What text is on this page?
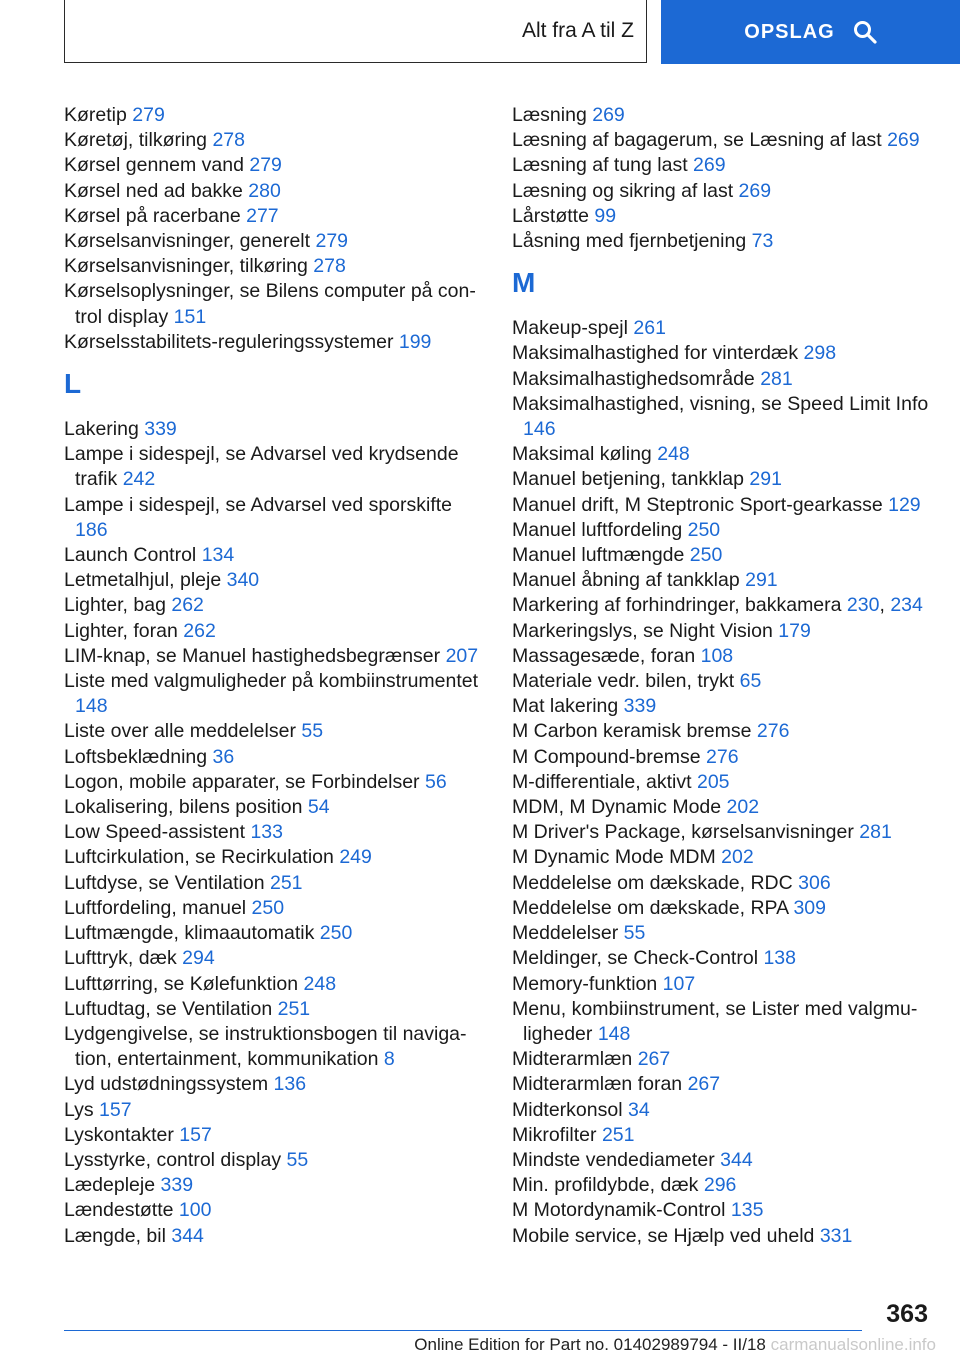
Alt fra A til Z	OPSLAG
Køretip 279
Køretøj, tilkøring 278
Kørsel gennem vand 279
Kørsel ned ad bakke 280
Kørsel på racerbane 277
Kørselsanvisninger, generelt 279
Kørselsanvisninger, tilkøring 278
Kørselsoplysninger, se Bilens computer på control display 151
Kørselsstabilitets-reguleringssystemer 199
L
Lakering 339
Lampe i sidespejl, se Advarsel ved krydsende trafik 242
Lampe i sidespejl, se Advarsel ved sporskifte 186
Launch Control 134
Letmetalhjul, pleje 340
Lighter, bag 262
Lighter, foran 262
LIM-knap, se Manuel hastighedsbegrænser 207
Liste med valgmuligheder på kombiinstrumentet 148
Liste over alle meddelelser 55
Loftsbeklædning 36
Logon, mobile apparater, se Forbindelser 56
Lokalisering, bilens position 54
Low Speed-assistent 133
Luftcirkulation, se Recirkulation 249
Luftdyse, se Ventilation 251
Luftfordeling, manuel 250
Luftmængde, klimaautomatik 250
Lufttryk, dæk 294
Lufttørring, se Kølefunktion 248
Luftudtag, se Ventilation 251
Lydgengivelse, se instruktionsbogen til navigation, entertainment, kommunikation 8
Lyd udstødningssystem 136
Lys 157
Lyskontakter 157
Lysstyrke, control display 55
Lædepleje 339
Lændestøtte 100
Længde, bil 344
Læsning 269
Læsning af bagagerum, se Læsning af last 269
Læsning af tung last 269
Læsning og sikring af last 269
Lårstøtte 99
Låsning med fjernbetjening 73
M
Makeup-spejl 261
Maksimalhastighed for vinterdæk 298
Maksimalhastighedsområde 281
Maksimalhastighed, visning, se Speed Limit Info 146
Maksimal køling 248
Manuel betjening, tankklap 291
Manuel drift, M Steptronic Sport-gearkasse 129
Manuel luftfordeling 250
Manuel luftmængde 250
Manuel åbning af tankklap 291
Markering af forhindringer, bakkamera 230, 234
Markeringslys, se Night Vision 179
Massagesæde, foran 108
Materiale vedr. bilen, trykt 65
Mat lakering 339
M Carbon keramisk bremse 276
M Compound-bremse 276
M-differentiale, aktivt 205
MDM, M Dynamic Mode 202
M Driver's Package, kørselsanvisninger 281
M Dynamic Mode MDM 202
Meddelelse om dækskade, RDC 306
Meddelelse om dækskade, RPA 309
Meddelelser 55
Meldinger, se Check-Control 138
Memory-funktion 107
Menu, kombiinstrument, se Lister med valgmuligheder 148
Midterarmlæn 267
Midterarmlæn foran 267
Midterkonsol 34
Mikrofilter 251
Mindste vendediameter 344
Min. profildybde, dæk 296
M Motordynamik-Control 135
Mobile service, se Hjælp ved uheld 331
363
Online Edition for Part no. 01402989794 - II/18 carmanualsonline.info
